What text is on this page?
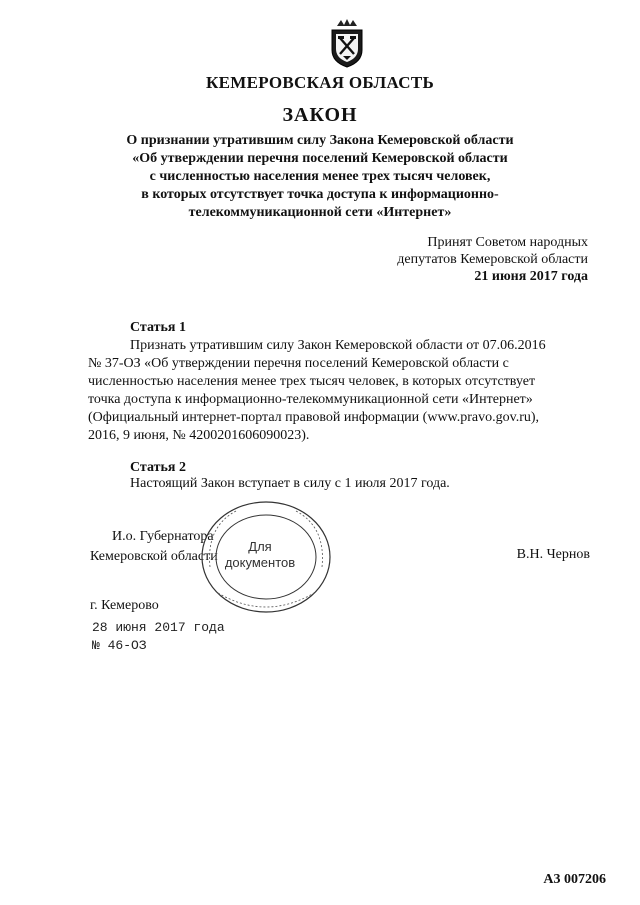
КЕМЕРОВСКАЯ ОБЛАСТЬ
ЗАКОН
О признании утратившим силу Закона Кемеровской области
«Об утверждении перечня поселений Кемеровской области
с численностью населения менее трех тысяч человек,
в которых отсутствует точка доступа к информационно-
телекоммуникационной сети «Интернет»
Принят Советом народных
депутатов Кемеровской области
21 июня 2017 года
Статья 1
Признать утратившим силу Закон Кемеровской области от 07.06.2016
№ 37-ОЗ «Об утверждении перечня поселений Кемеровской области с
численностью населения менее трех тысяч человек, в которых отсутствует
точка доступа к информационно-телекоммуникационной сети «Интернет»
(Официальный интернет-портал правовой информации (www.pravo.gov.ru),
2016, 9 июня, № 4200201606090023).
Статья 2
Настоящий Закон вступает в силу с 1 июля 2017 года.
И.о. Губернатора
Кемеровской области
Для
документов
В.Н. Чернов
г. Кемерово
28 июня 2017 года
№ 46-ОЗ
А3 007206
